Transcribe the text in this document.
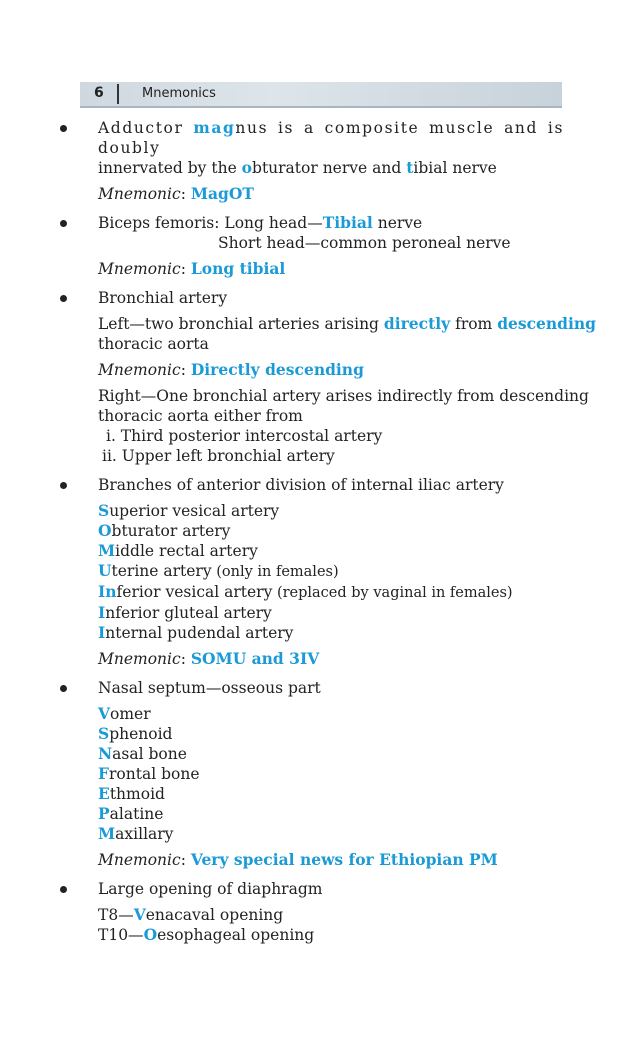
6	Mnemonics
Adductor magnus is a composite muscle and is doubly
innervated by the obturator nerve and tibial nerve
Mnemonic: MagOT
Biceps femoris: Long head—Tibial nerve
Short head—common peroneal nerve
Mnemonic: Long tibial
Bronchial artery
Left—two bronchial arteries arising directly from descending
thoracic aorta
Mnemonic: Directly descending
Right—One bronchial artery arises indirectly from descending
thoracic aorta either from
i. Third posterior intercostal artery
ii. Upper left bronchial artery
Branches of anterior division of internal iliac artery
Superior vesical artery
Obturator artery
Middle rectal artery
Uterine artery (only in females)
Inferior vesical artery (replaced by vaginal in females)
Inferior gluteal artery
Internal pudendal artery
Mnemonic: SOMU and 3IV
Nasal septum—osseous part
Vomer
Sphenoid
Nasal bone
Frontal bone
Ethmoid
Palatine
Maxillary
Mnemonic: Very special news for Ethiopian PM
Large opening of diaphragm
T8—Venacaval opening
T10—Oesophageal opening
